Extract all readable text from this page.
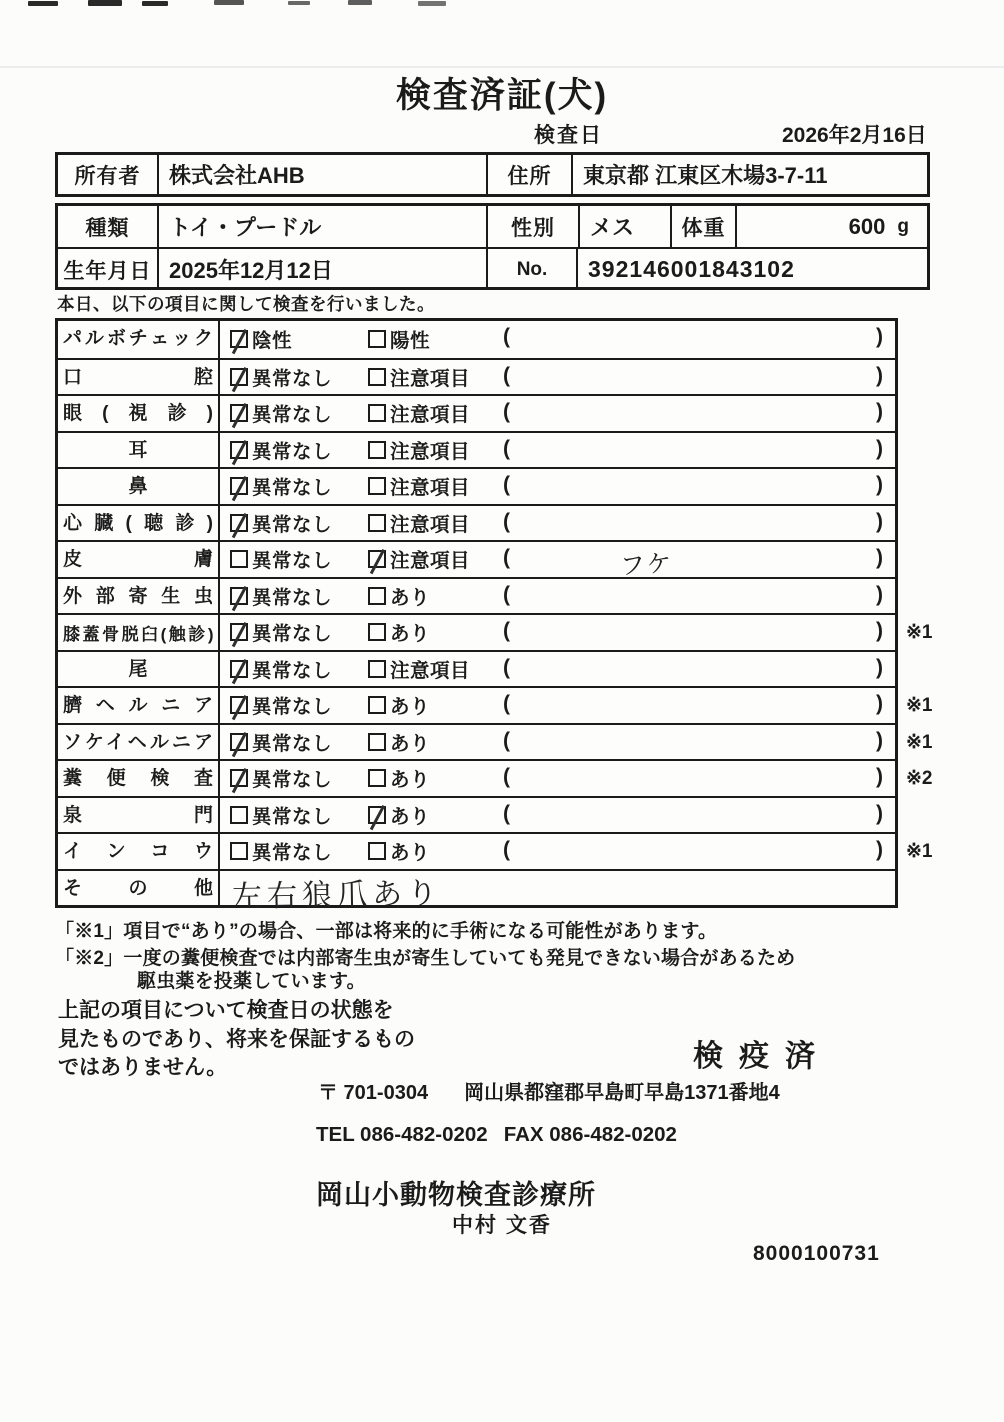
検査済証(犬)
検査日	2026年2月16日
所有者	株式会社AHB	住所	東京都 江東区木場3-7-11
種類	トイ・プードル	性別	メス	体重	600 g
生年月日 2025年12月12日	No.	392146001843102
本日、以下の項目に関して検査を行いました。
パルボチェック	陰性	陽性	(	)
口腔	異常なし	注意項目 (	)
眼(視診)	異常なし	注意項目 (	)
耳	異常なし	注意項目 (	)
鼻	異常なし	注意項目 (	)
心臓(聴診)	異常なし	注意項目 (	)
皮膚	異常なし	注意項目 (	フケ	)
外部寄生虫	異常なし	あり	(	)
膝蓋骨脱臼(触診)	異常なし	あり	(	) ※1
尾	異常なし	注意項目 (	)
臍ヘルニア	異常なし	あり	(	) ※1
ソケイヘルニア	異常なし	あり	(	) ※1
糞便検査	異常なし	あり	(	) ※2
泉門	異常なし	あり	(	)
インコウ	異常なし	あり	(	) ※1
その他 左右狼爪あり
「※1」項目で“あり”の場合、一部は将来的に手術になる可能性があります。
「※2」一度の糞便検査では内部寄生虫が寄生していても発見できない場合があるため
駆虫薬を投薬しています。
上記の項目について検査日の状態を
見たものであり、将来を保証するもの
ではありません。	検疫済
〒 701-0304 岡山県都窪郡早島町早島1371番地4
TEL 086-482-0202 FAX 086-482-0202
岡山小動物検査診療所
中村 文香
8000100731
